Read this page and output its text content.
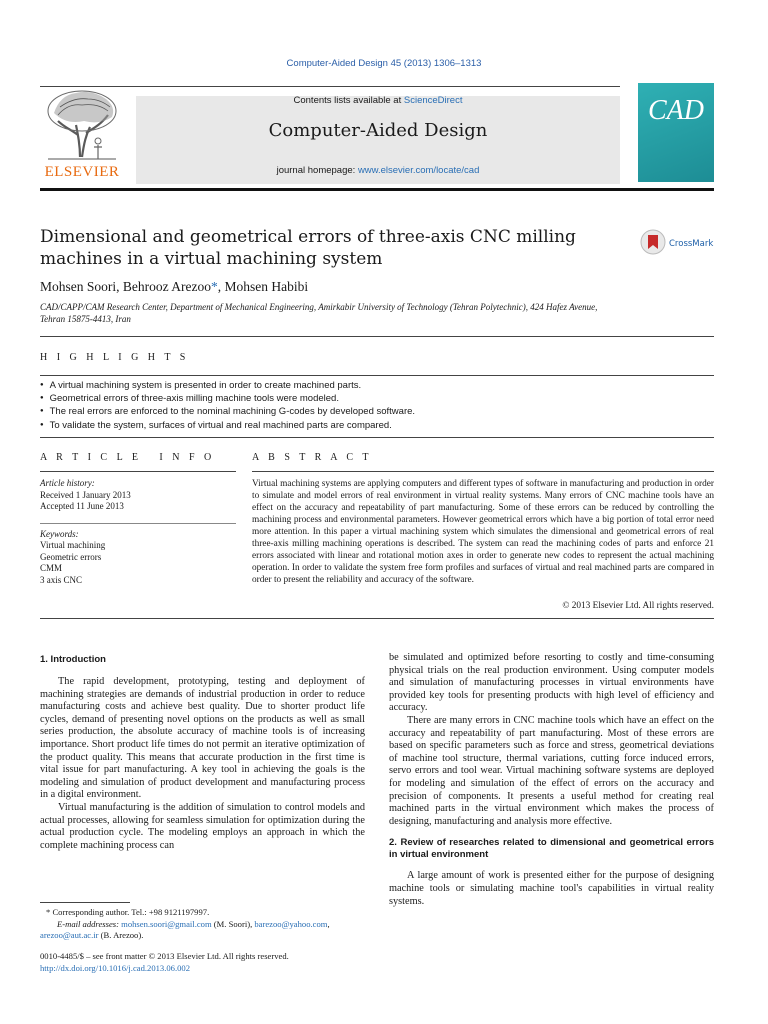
Computer-Aided Design 45 (2013) 1306–1313
ELSEVIER
Contents lists available at ScienceDirect
Computer-Aided Design
journal homepage: www.elsevier.com/locate/cad
CAD
Dimensional and geometrical errors of three-axis CNC milling
machines in a virtual machining system
CrossMark
Mohsen Soori, Behrooz Arezoo*, Mohsen Habibi
CAD/CAPP/CAM Research Center, Department of Mechanical Engineering, Amirkabir University of Technology (Tehran Polytechnic), 424 Hafez Avenue,
Tehran 15875-4413, Iran
H I G H L I G H T S
● A virtual machining system is presented in order to create machined parts.
● Geometrical errors of three-axis milling machine tools were modeled.
● The real errors are enforced to the nominal machining G-codes by developed software.
● To validate the system, surfaces of virtual and real machined parts are compared.
A R T I C L E   I N F O	A B S T R A C T
Article history:
Received 1 January 2013
Accepted 11 June 2013
Keywords:
Virtual machining
Geometric errors
CMM
3 axis CNC
Virtual machining systems are applying computers and different types of software in manufacturing and production in order to simulate and model errors of real environment in virtual reality systems. Many errors of CNC machine tools have an effect on the accuracy and repeatability of part manufacturing. Some of these errors can be reduced by controlling the machining process and environmental parameters. However geometrical errors which have a big portion of total error need more attention. In this paper a virtual machining system which simulates the dimensional and geometrical errors of real three-axis milling machining operations is described. The system can read the machining codes of parts and enforce 21 errors associated with linear and rotational motion axes in order to generate new codes to represent the actual machining operation. In order to validate the system free form profiles and surfaces of virtual and real machined parts are compared in order to present the reliability and accuracy of the software.
© 2013 Elsevier Ltd. All rights reserved.
1. Introduction
The rapid development, prototyping, testing and deployment of machining strategies are demands of industrial production in order to reduce manufacturing costs and achieve best quality. Due to shorter product life cycles, demand of presenting novel options on the products as well as small series production, the absolute accuracy of machine tools is of increasing importance. Short product life times do not permit an iterative optimization of the product quality. This means that accurate production in the first time is vital issue for part manufacturing. A key tool in achieving the goals is the modeling and simulation of product development and manufacturing process in a digital environment.
Virtual manufacturing is the addition of simulation to control models and actual processes, allowing for seamless simulation for optimization during the actual production cycle. The modeling employs an approach in which the complete machining process can
be simulated and optimized before resorting to costly and time-consuming physical trials on the real production environment. Using computer models and simulation of manufacturing processes in virtual environments have provided key tools for presenting products with high level of efficiency and accuracy.
There are many errors in CNC machine tools which have an effect on the accuracy and repeatability of part manufacturing. Most of these errors are based on specific parameters such as force and stress, geometrical deviations of machine tool structure, thermal variations, cutting force induced errors, servo errors and tool wear. Virtual machining software systems are deployed for modeling and simulation of the effect of errors on the accuracy and precision of components. It presents a useful method for creating real machined parts in the virtual environment which makes the process of designing, manufacturing and analysis more effective.
2. Review of researches related to dimensional and geometrical errors in virtual environment
A large amount of work is presented either for the purpose of designing machine tools or simulating machine tool's capabilities in virtual reality systems.
* Corresponding author. Tel.: +98 9121197997.
E-mail addresses: mohsen.soori@gmail.com (M. Soori), barezoo@yahoo.com,
arezoo@aut.ac.ir (B. Arezoo).
0010-4485/$ – see front matter © 2013 Elsevier Ltd. All rights reserved.
http://dx.doi.org/10.1016/j.cad.2013.06.002
